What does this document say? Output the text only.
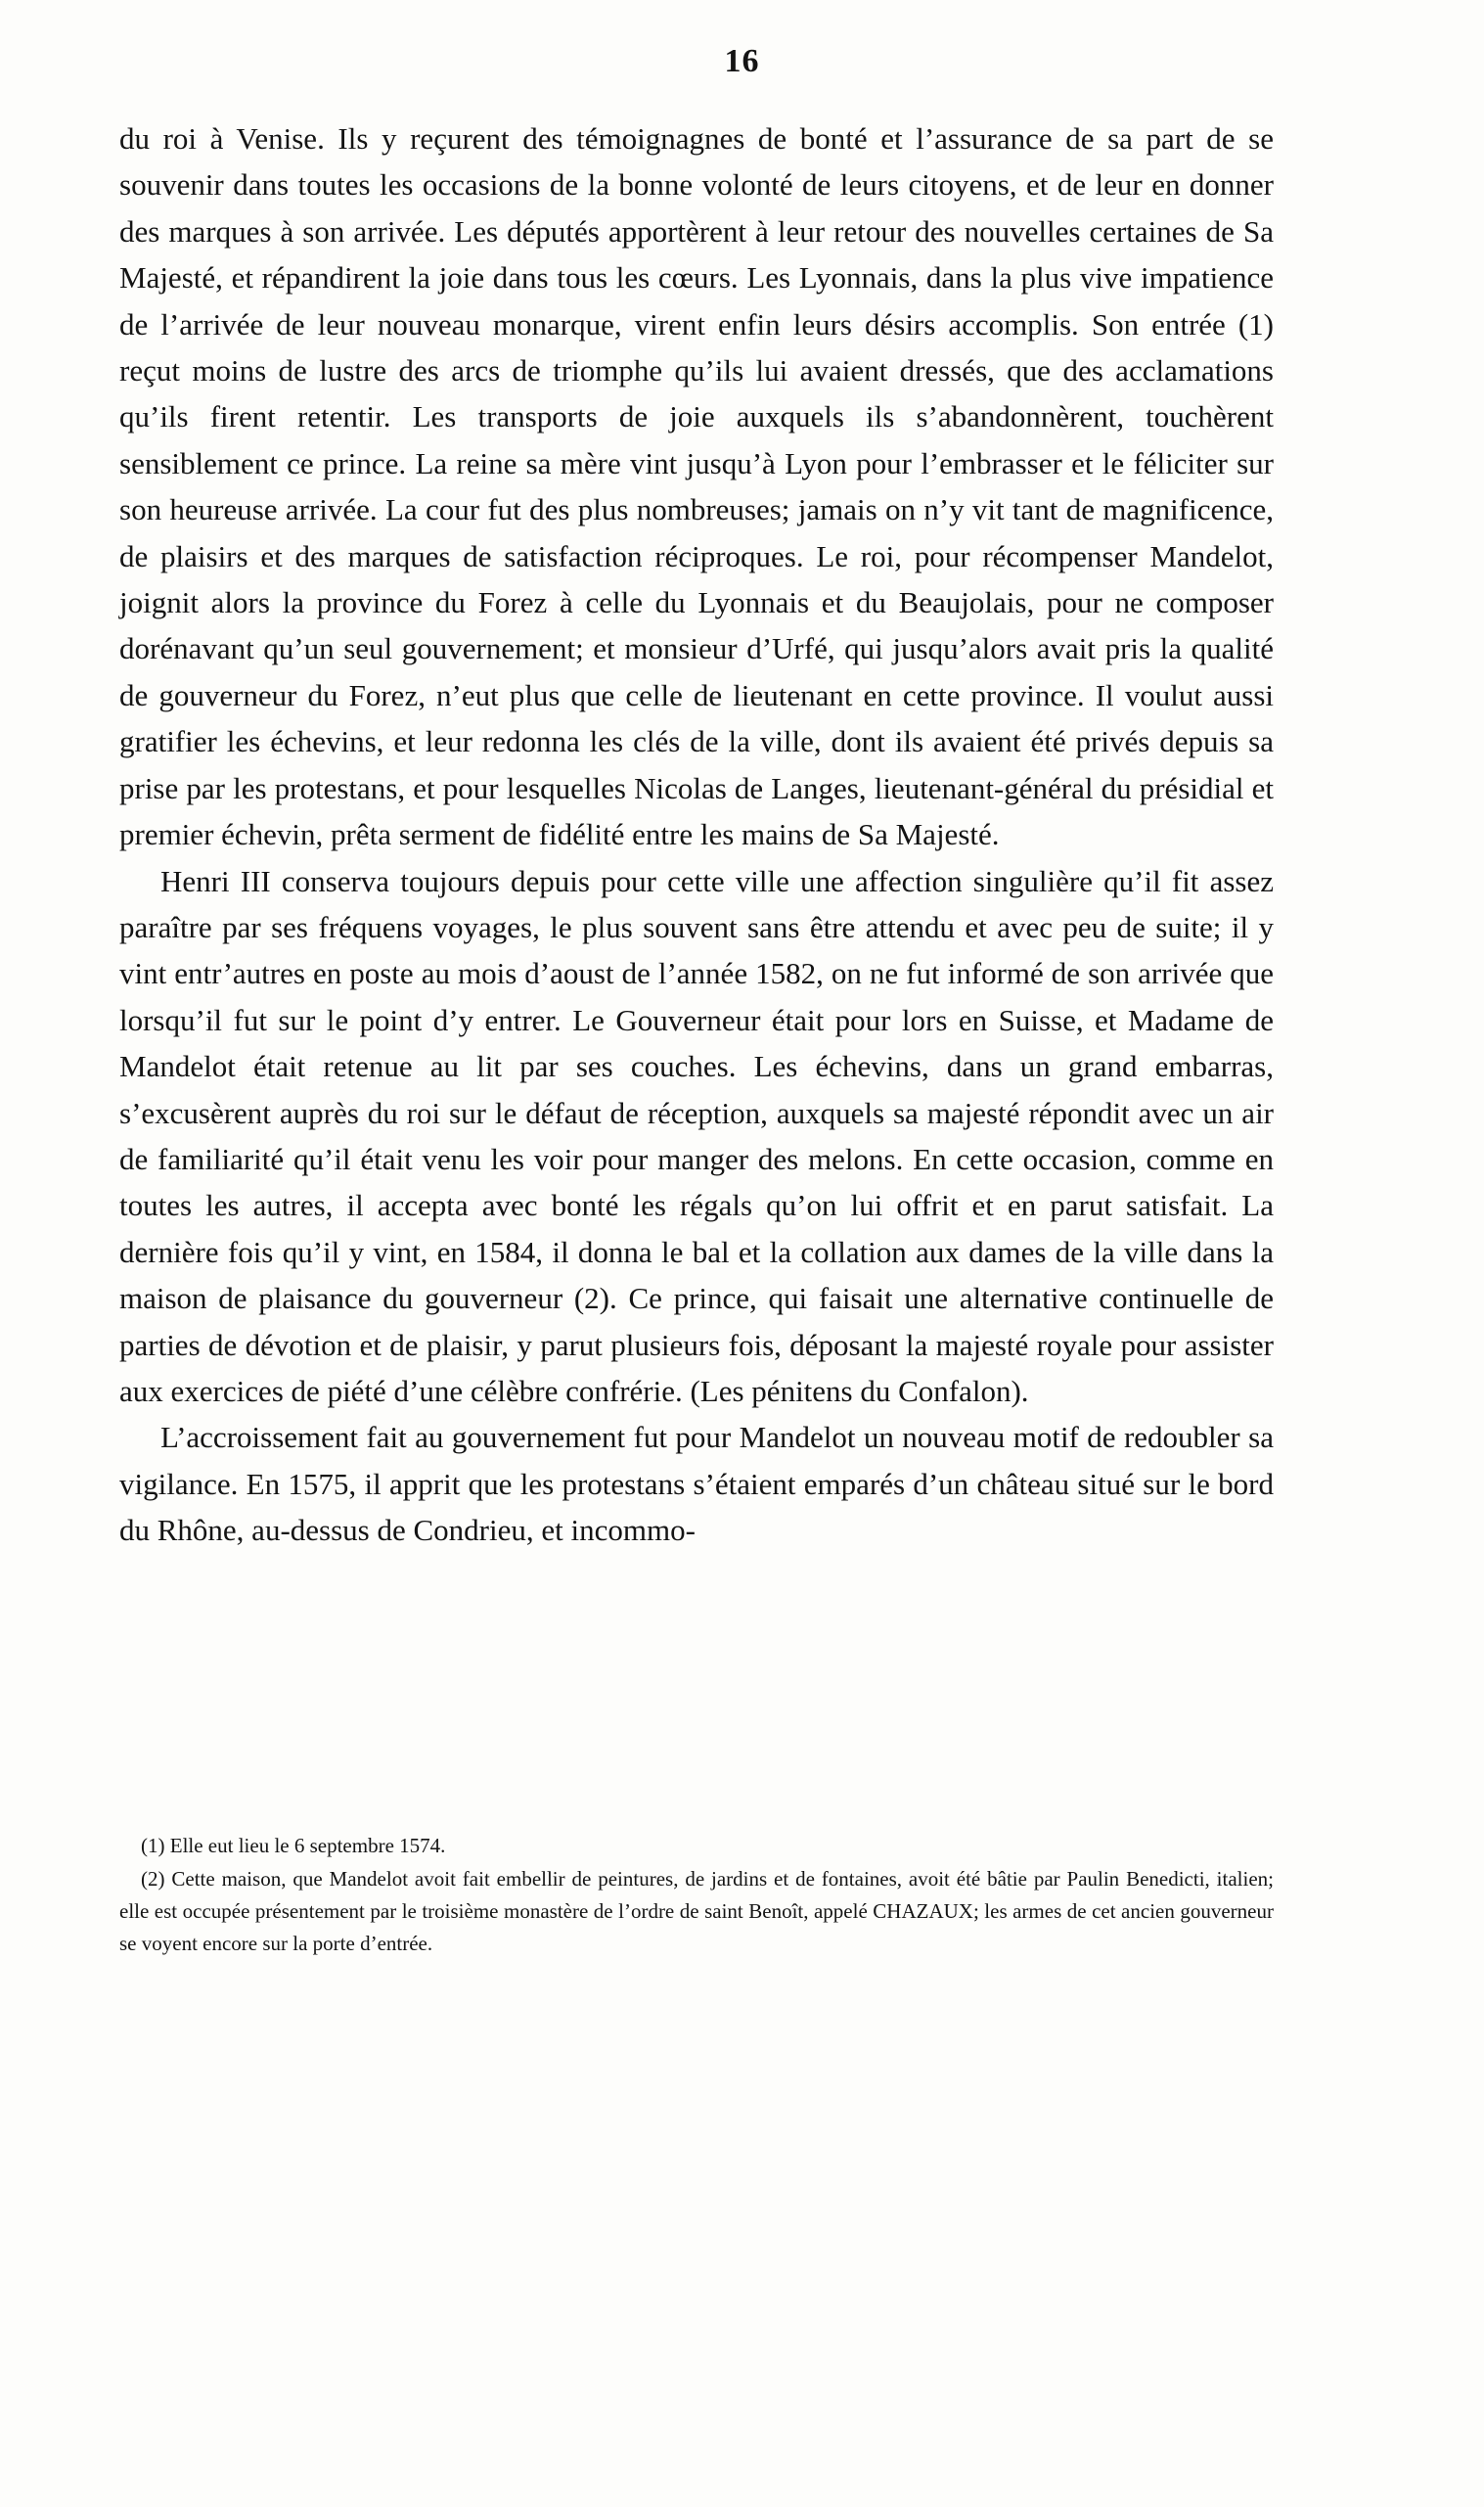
16

du roi à Venise. Ils y reçurent des témoignagnes de bonté et l’assurance de sa part de se souvenir dans toutes les occasions de la bonne volonté de leurs citoyens, et de leur en donner des marques à son arrivée. Les députés apportèrent à leur retour des nouvelles certaines de Sa Majesté, et répandirent la joie dans tous les cœurs. Les Lyonnais, dans la plus vive impatience de l’arrivée de leur nouveau monarque, virent enfin leurs désirs accomplis. Son entrée (1) reçut moins de lustre des arcs de triomphe qu’ils lui avaient dressés, que des acclamations qu’ils firent retentir. Les transports de joie auxquels ils s’abandonnèrent, touchèrent sensiblement ce prince. La reine sa mère vint jusqu’à Lyon pour l’embrasser et le féliciter sur son heureuse arrivée. La cour fut des plus nombreuses; jamais on n’y vit tant de magnificence, de plaisirs et des marques de satisfaction réciproques. Le roi, pour récompenser Mandelot, joignit alors la province du Forez à celle du Lyonnais et du Beaujolais, pour ne composer dorénavant qu’un seul gouvernement; et monsieur d’Urfé, qui jusqu’alors avait pris la qualité de gouverneur du Forez, n’eut plus que celle de lieutenant en cette province. Il voulut aussi gratifier les échevins, et leur redonna les clés de la ville, dont ils avaient été privés depuis sa prise par les protestans, et pour lesquelles Nicolas de Langes, lieutenant-général du présidial et premier échevin, prêta serment de fidélité entre les mains de Sa Majesté.

Henri III conserva toujours depuis pour cette ville une affection singulière qu’il fit assez paraître par ses fréquens voyages, le plus souvent sans être attendu et avec peu de suite; il y vint entr’autres en poste au mois d’aoust de l’année 1582, on ne fut informé de son arrivée que lorsqu’il fut sur le point d’y entrer. Le Gouverneur était pour lors en Suisse, et Madame de Mandelot était retenue au lit par ses couches. Les échevins, dans un grand embarras, s’excusèrent auprès du roi sur le défaut de réception, auxquels sa majesté répondit avec un air de familiarité qu’il était venu les voir pour manger des melons. En cette occasion, comme en toutes les autres, il accepta avec bonté les régals qu’on lui offrit et en parut satisfait. La dernière fois qu’il y vint, en 1584, il donna le bal et la collation aux dames de la ville dans la maison de plaisance du gouverneur (2). Ce prince, qui faisait une alternative continuelle de parties de dévotion et de plaisir, y parut plusieurs fois, déposant la majesté royale pour assister aux exercices de piété d’une célèbre confrérie. (Les pénitens du Confalon).

L’accroissement fait au gouvernement fut pour Mandelot un nouveau motif de redoubler sa vigilance. En 1575, il apprit que les protestans s’étaient emparés d’un château situé sur le bord du Rhône, au-dessus de Condrieu, et incommo-

(1) Elle eut lieu le 6 septembre 1574.

(2) Cette maison, que Mandelot avoit fait embellir de peintures, de jardins et de fontaines, avoit été bâtie par Paulin Benedicti, italien; elle est occupée présentement par le troisième monastère de l’ordre de saint Benoît, appelé CHAZAUX; les armes de cet ancien gouverneur se voyent encore sur la porte d’entrée.
